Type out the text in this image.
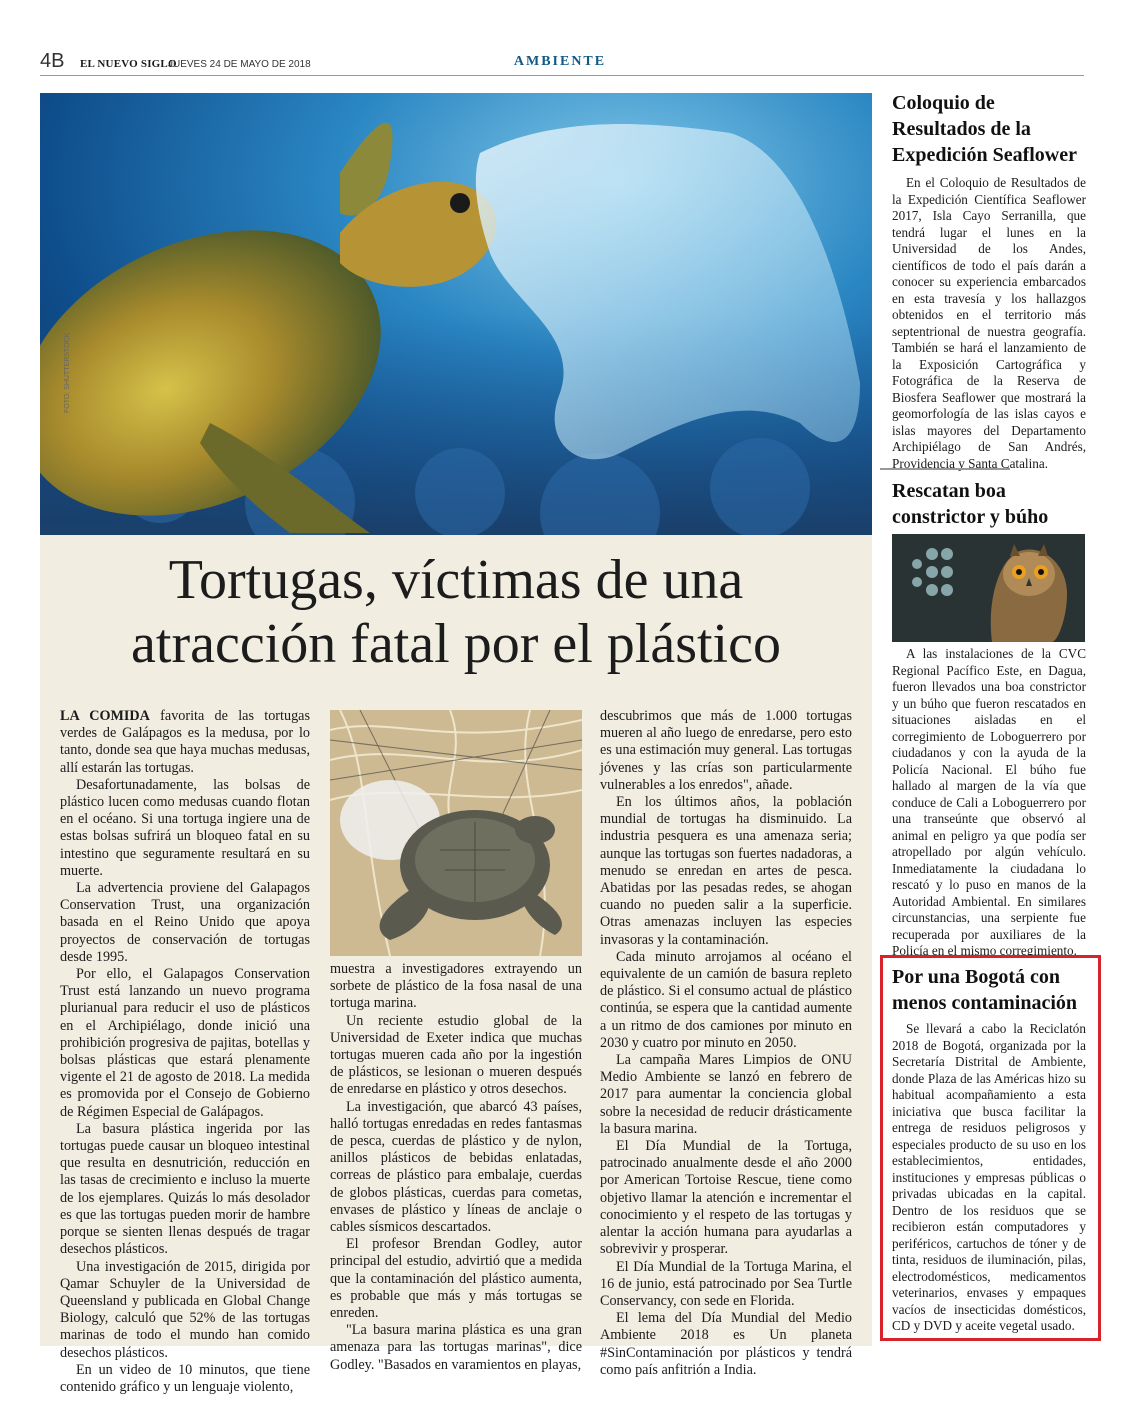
4B EL NUEVO SIGLO
JUEVES 24 DE MAYO DE 2018	AMBIENTE
FOTO: SHUTTERSTOCK
Tortugas, víctimas de una
atracción fatal por el plástico

LA COMIDA favorita de las tortugas verdes de Galápagos es la medusa, por lo tanto, donde sea que haya muchas medusas, allí estarán las tortugas.

Desafortunadamente, las bolsas de plástico lucen como medusas cuando flotan en el océano. Si una tortuga ingiere una de estas bolsas sufrirá un bloqueo fatal en su intestino que seguramente resultará en su muerte.

La advertencia proviene del Galapagos Conservation Trust, una organización basada en el Reino Unido que apoya proyectos de conservación de tortugas desde 1995.

Por ello, el Galapagos Conservation Trust está lanzando un nuevo programa plurianual para reducir el uso de plásticos en el Archipiélago, donde inició una prohibición progresiva de pajitas, botellas y bolsas plásticas que estará plenamente vigente el 21 de agosto de 2018. La medida es promovida por el Consejo de Gobierno de Régimen Especial de Galápagos.

La basura plástica ingerida por las tortugas puede causar un bloqueo intestinal que resulta en desnutrición, reducción en las tasas de crecimiento e incluso la muerte de los ejemplares. Quizás lo más desolador es que las tortugas pueden morir de hambre porque se sienten llenas después de tragar desechos plásticos.

Una investigación de 2015, dirigida por Qamar Schuyler de la Universidad de Queensland y publicada en Global Change Biology, calculó que 52% de las tortugas marinas de todo el mundo han comido desechos plásticos.

En un video de 10 minutos, que tiene contenido gráfico y un lenguaje violento,

muestra a investigadores extrayendo un sorbete de plástico de la fosa nasal de una tortuga marina.

Un reciente estudio global de la Universidad de Exeter indica que muchas tortugas mueren cada año por la ingestión de plásticos, se lesionan o mueren después de enredarse en plástico y otros desechos.

La investigación, que abarcó 43 países, halló tortugas enredadas en redes fantasmas de pesca, cuerdas de plástico y de nylon, anillos plásticos de bebidas enlatadas, correas de plástico para embalaje, cuerdas de globos plásticas, cuerdas para cometas, envases de plástico y líneas de anclaje o cables sísmicos descartados.

El profesor Brendan Godley, autor principal del estudio, advirtió que a medida que la contaminación del plástico aumenta, es probable que más y más tortugas se enreden.

"La basura marina plástica es una gran amenaza para las tortugas marinas", dice Godley. "Basados en varamientos en playas,

descubrimos que más de 1.000 tortugas mueren al año luego de enredarse, pero esto es una estimación muy general. Las tortugas jóvenes y las crías son particularmente vulnerables a los enredos", añade.

En los últimos años, la población mundial de tortugas ha disminuido. La industria pesquera es una amenaza seria; aunque las tortugas son fuertes nadadoras, a menudo se enredan en artes de pesca. Abatidas por las pesadas redes, se ahogan cuando no pueden salir a la superficie. Otras amenazas incluyen las especies invasoras y la contaminación.

Cada minuto arrojamos al océano el equivalente de un camión de basura repleto de plástico. Si el consumo actual de plástico continúa, se espera que la cantidad aumente a un ritmo de dos camiones por minuto en 2030 y cuatro por minuto en 2050.

La campaña Mares Limpios de ONU Medio Ambiente se lanzó en febrero de 2017 para aumentar la conciencia global sobre la necesidad de reducir drásticamente la basura marina.

El Día Mundial de la Tortuga, patrocinado anualmente desde el año 2000 por American Tortoise Rescue, tiene como objetivo llamar la atención e incrementar el conocimiento y el respeto de las tortugas y alentar la acción humana para ayudarlas a sobrevivir y prosperar.

El Día Mundial de la Tortuga Marina, el 16 de junio, está patrocinado por Sea Turtle Conservancy, con sede en Florida.

El lema del Día Mundial del Medio Ambiente 2018 es Un planeta #SinContaminación por plásticos y tendrá como país anfitrión a India.

Coloquio de Resultados de la Expedición Seaflower

En el Coloquio de Resultados de la Expedición Científica Seaflower 2017, Isla Cayo Serranilla, que tendrá lugar el lunes en la Universidad de los Andes, científicos de todo el país darán a conocer su experiencia embarcados en esta travesía y los hallazgos obtenidos en el territorio más septentrional de nuestra geografía. También se hará el lanzamiento de la Exposición Cartográfica y Fotográfica de la Reserva de Biosfera Seaflower que mostrará la geomorfología de las islas cayos e islas mayores del Departamento Archipiélago de San Andrés, Providencia y Santa Catalina.

Rescatan boa constrictor y búho

A las instalaciones de la CVC Regional Pacífico Este, en Dagua, fueron llevados una boa constrictor y un búho que fueron rescatados en situaciones aisladas en el corregimiento de Loboguerrero por ciudadanos y con la ayuda de la Policía Nacional. El búho fue hallado al margen de la vía que conduce de Cali a Loboguerrero por una transeúnte que observó al animal en peligro ya que podía ser atropellado por algún vehículo. Inmediatamente la ciudadana lo rescató y lo puso en manos de la Autoridad Ambiental. En similares circunstancias, una serpiente fue recuperada por auxiliares de la Policía en el mismo corregimiento.

Por una Bogotá con menos contaminación

Se llevará a cabo la Reciclatón 2018 de Bogotá, organizada por la Secretaría Distrital de Ambiente, donde Plaza de las Américas hizo su habitual acompañamiento a esta iniciativa que busca facilitar la entrega de residuos peligrosos y especiales producto de su uso en los establecimientos, entidades, instituciones y empresas públicas o privadas ubicadas en la capital. Dentro de los residuos que se recibieron están computadores y periféricos, cartuchos de tóner y de tinta, residuos de iluminación, pilas, electrodomésticos, medicamentos veterinarios, envases y empaques vacíos de insecticidas domésticos, CD y DVD y aceite vegetal usado.
